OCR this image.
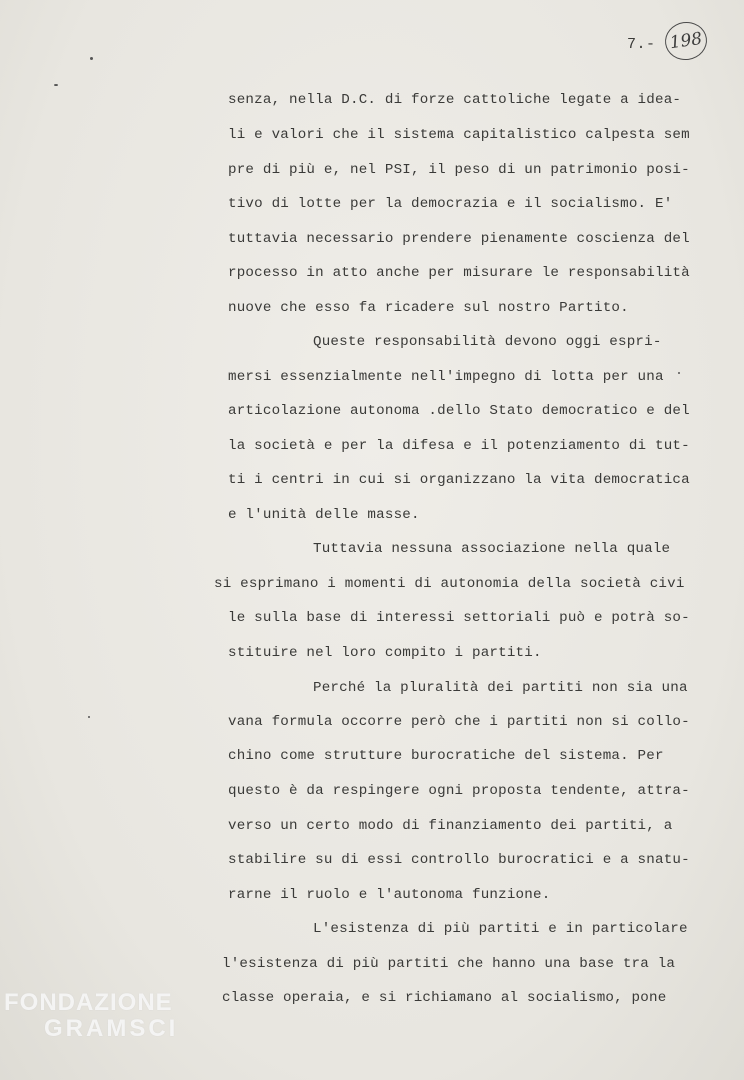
7.- 198
senza, nella D.C. di forze cattoliche legate a idea-
li e valori che il sistema capitalistico calpesta sem
pre di più e, nel PSI, il peso di un patrimonio posi-
tivo di lotte per la democrazia e il socialismo. E'
tuttavia necessario prendere pienamente coscienza del
rpocesso in atto anche per misurare le responsabilità
nuove che esso fa ricadere sul nostro Partito.
Queste responsabilità devono oggi espri-
mersi essenzialmente nell'impegno di lotta per una
articolazione autonoma .dello Stato democratico e del
la società e per la difesa e il potenziamento di tut-
ti i centri in cui si organizzano la vita democratica
e l'unità delle masse.
Tuttavia nessuna associazione nella quale
si esprimano i momenti di autonomia della società civi
le sulla base di interessi settoriali può e potrà so-
stituire nel loro compito i partiti.
Perché la pluralità dei partiti non sia una
vana formula occorre però che i partiti non si collo-
chino come strutture burocratiche del sistema. Per
questo è da respingere ogni proposta tendente, attra-
verso un certo modo di finanziamento dei partiti, a
stabilire su di essi controllo burocratici e a snatu-
rarne il ruolo e l'autonoma funzione.
L'esistenza di più partiti e in particolare
l'esistenza di più partiti che hanno una base tra la
classe operaia, e si richiamano al socialismo, pone
FONDAZIONE
GRAMSCI
